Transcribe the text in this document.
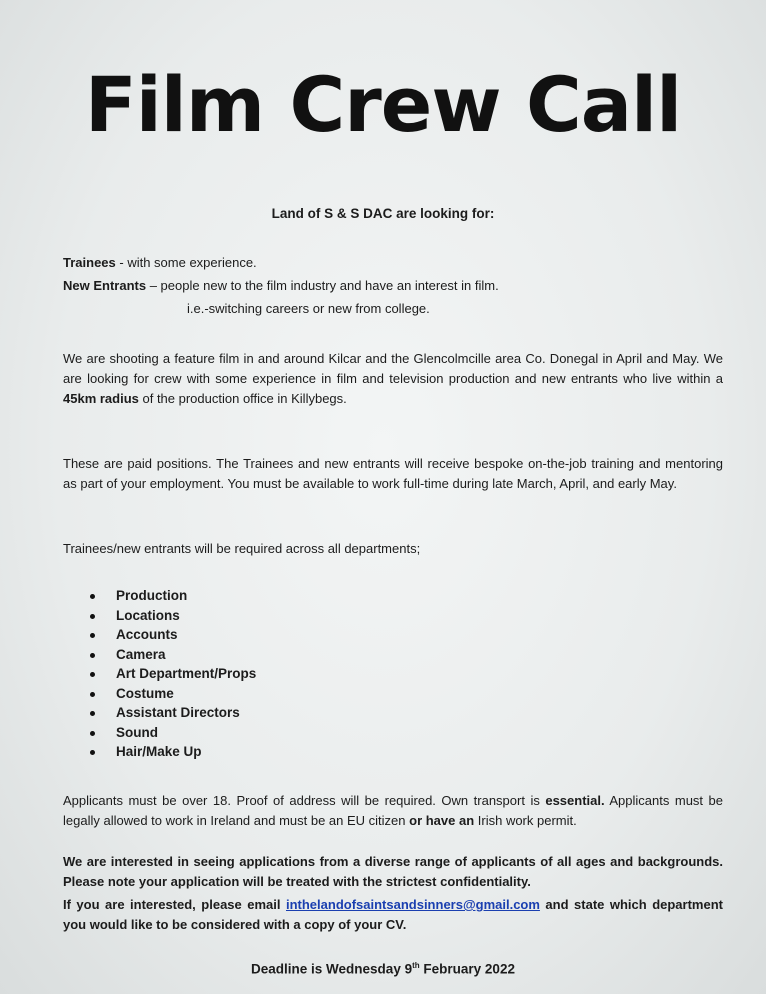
Film Crew Call
Land of S & S DAC are looking for:

Trainees - with some experience.

New Entrants – people new to the film industry and have an interest in film.

i.e.-switching careers or new from college.

We are shooting a feature film in and around Kilcar and the Glencolmcille area Co. Donegal in April and May. We are looking for crew with some experience in film and television production and new entrants who live within a 45km radius of the production office in Killybegs.

These are paid positions. The Trainees and new entrants will receive bespoke on-the-job training and mentoring as part of your employment. You must be available to work full-time during late March, April, and early May.
Trainees/new entrants will be required across all departments;
Production
Locations
Accounts
Camera
Art Department/Props
Costume
Assistant Directors
Sound
Hair/Make Up

Applicants must be over 18. Proof of address will be required. Own transport is essential. Applicants must be legally allowed to work in Ireland and must be an EU citizen or have an Irish work permit.

We are interested in seeing applications from a diverse range of applicants of all ages and backgrounds. Please note your application will be treated with the strictest confidentiality.

If you are interested, please email inthelandofsaintsandsinners@gmail.com and state which department you would like to be considered with a copy of your CV.

Deadline is Wednesday 9th February 2022
